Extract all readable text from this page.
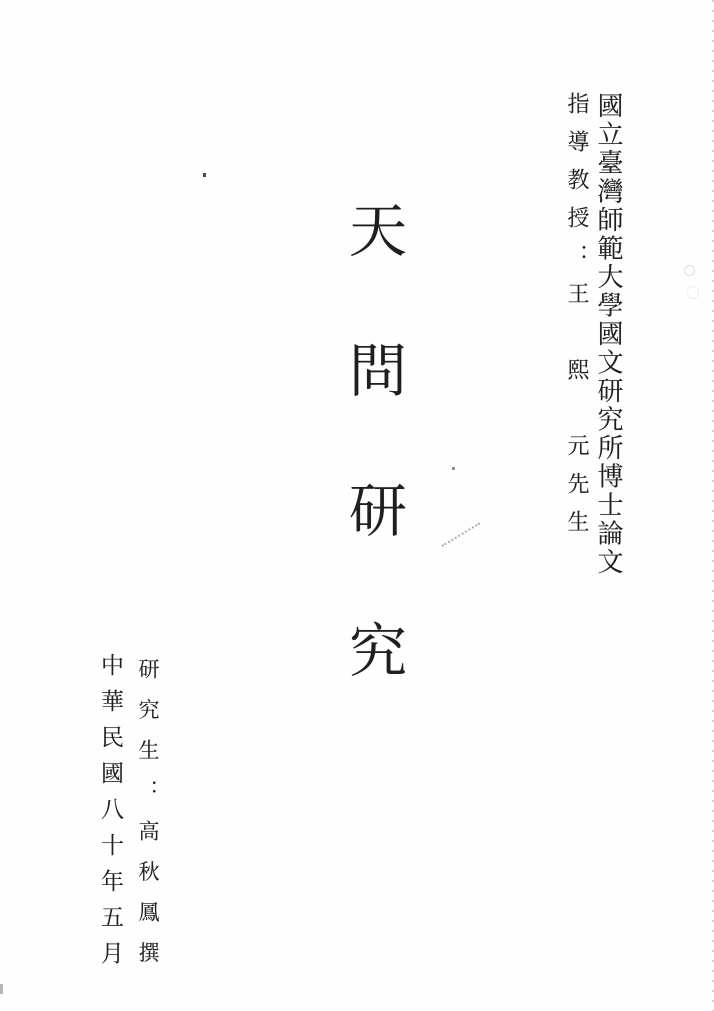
國立臺灣師範大學國文研究所博士論文
指導教授：王　熙　元先生
天問研究
研究生：高秋鳳撰
中華民國八十年五月
